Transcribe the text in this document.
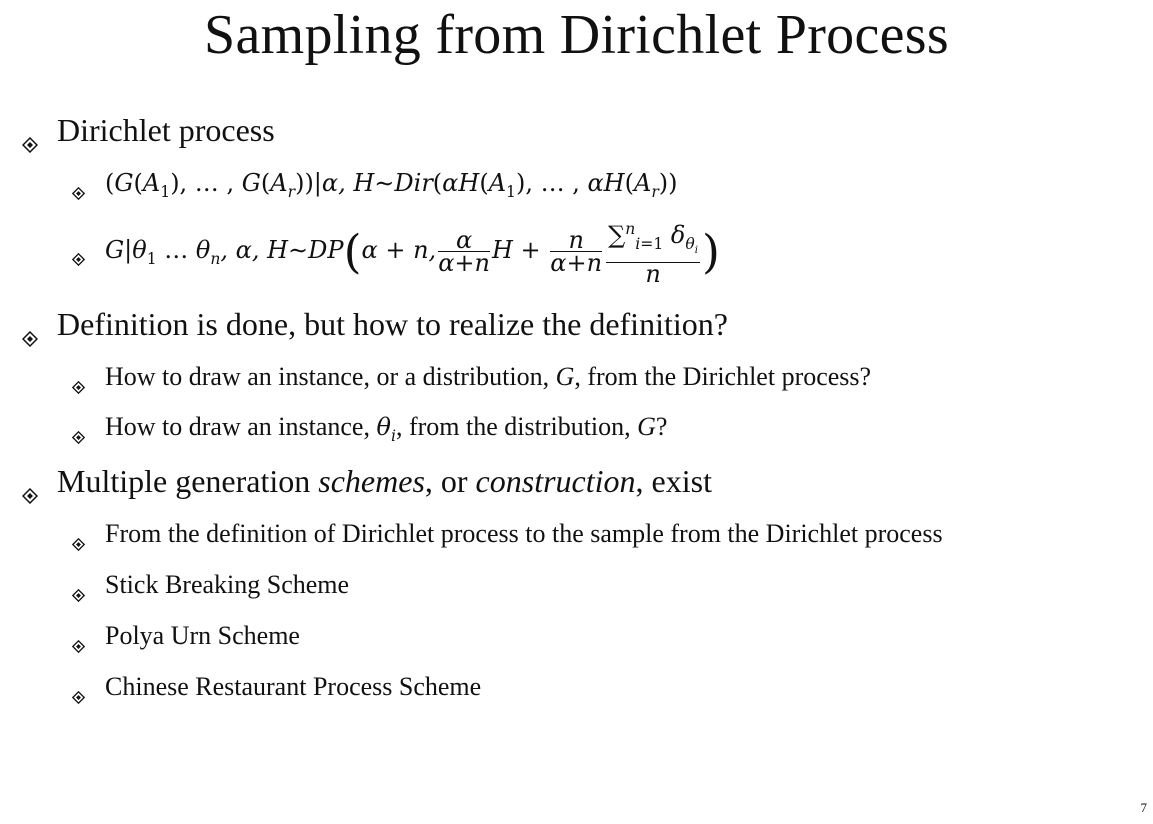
Sampling from Dirichlet Process
Dirichlet process
($G(A_1)$, … , $G(A_r))|\alpha$, $H\sim Dir(\alpha H(A_1)$, … , $\alpha H(A_r)$)
$G|\theta_1$ … $\theta_n$, α, H∼DP(α + n, $\frac{\alpha}{\alpha+n}$ $H + \frac{n}{\alpha+n} \frac{\sum^n_{i=1} \delta_{\theta_i}}{n}$ )
Definition is done, but how to realize the definition?
How to draw an instance, or a distribution, G, from the Dirichlet process?
How to draw an instance, $\theta_i$, from the distribution, G?
Multiple generation schemes, or construction, exist
From the definition of Dirichlet process to the sample from the Dirichlet process
Stick Breaking Scheme
Polya Urn Scheme
Chinese Restaurant Process Scheme
7
